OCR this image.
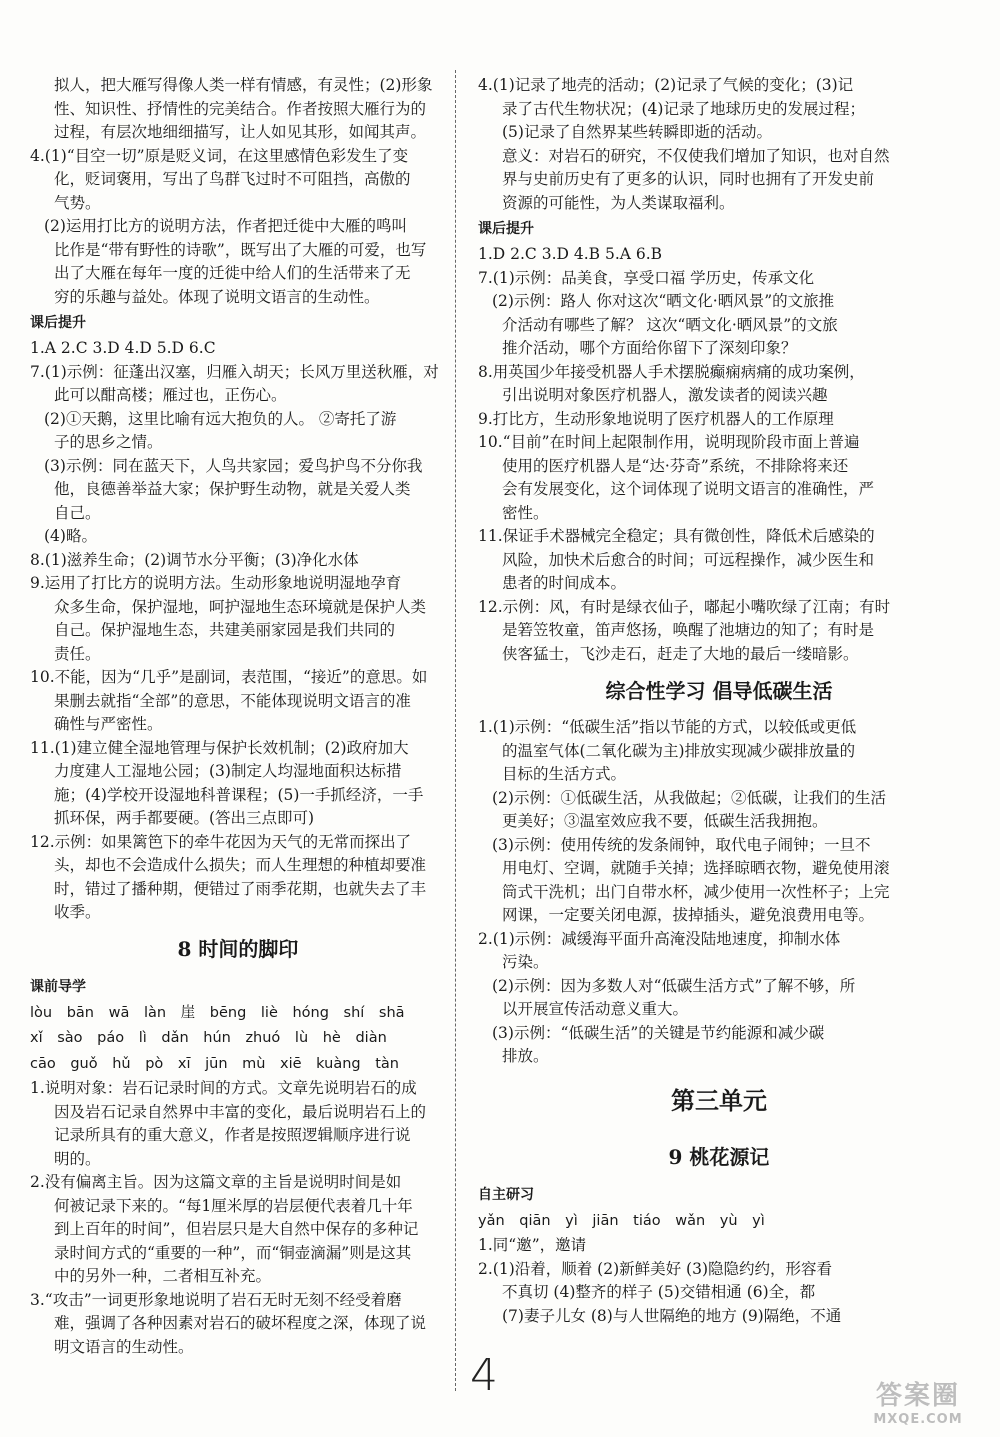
拟人，把大雁写得像人类一样有情感，有灵性；(2)形象
性、知识性、抒情性的完美结合。作者按照大雁行为的
过程，有层次地细细描写，让人如见其形，如闻其声。
4.(1)“目空一切”原是贬义词，在这里感情色彩发生了变
化，贬词褒用，写出了鸟群飞过时不可阻挡，高傲的
气势。
(2)运用打比方的说明方法，作者把迁徙中大雁的鸣叫
比作是“带有野性的诗歌”，既写出了大雁的可爱，也写
出了大雁在每年一度的迁徙中给人们的生活带来了无
穷的乐趣与益处。体现了说明文语言的生动性。
课后提升
1.A 2.C 3.D 4.D 5.D 6.C
7.(1)示例：征蓬出汉塞，归雁入胡天；长风万里送秋雁，对
此可以酣高楼；雁过也，正伤心。
(2)①天鹅，这里比喻有远大抱负的人。 ②寄托了游
子的思乡之情。
(3)示例：同在蓝天下，人鸟共家园；爱鸟护鸟不分你我
他，良德善举益大家；保护野生动物，就是关爱人类
自己。
(4)略。
8.(1)滋养生命；(2)调节水分平衡；(3)净化水体
9.运用了打比方的说明方法。生动形象地说明湿地孕育
众多生命，保护湿地，呵护湿地生态环境就是保护人类
自己。保护湿地生态，共建美丽家园是我们共同的
责任。
10.不能，因为“几乎”是副词，表范围，“接近”的意思。如
果删去就指“全部”的意思，不能体现说明文语言的准
确性与严密性。
11.(1)建立健全湿地管理与保护长效机制；(2)政府加大
力度建人工湿地公园；(3)制定人均湿地面积达标措
施；(4)学校开设湿地科普课程；(5)一手抓经济，一手
抓环保，两手都要硬。(答出三点即可)
12.示例：如果篱笆下的牵牛花因为天气的无常而探出了
头，却也不会造成什么损失；而人生理想的种植却要准
时，错过了播种期，便错过了雨季花期，也就失去了丰
收季。
8 时间的脚印
课前导学
lòu bān wā làn 崖 bēng liè hóng shí shā
xǐ sào páo lì dǎn hún zhuó lù hè diàn
cāo guǒ hǔ pò xī jūn mù xiē kuàng tàn
1.说明对象：岩石记录时间的方式。文章先说明岩石的成
因及岩石记录自然界中丰富的变化，最后说明岩石上的
记录所具有的重大意义，作者是按照逻辑顺序进行说
明的。
2.没有偏离主旨。因为这篇文章的主旨是说明时间是如
何被记录下来的。“每1厘米厚的岩层便代表着几十年
到上百年的时间”，但岩层只是大自然中保存的多种记
录时间方式的“重要的一种”，而“铜壶滴漏”则是这其
中的另外一种，二者相互补充。
3.“攻击”一词更形象地说明了岩石无时无刻不经受着磨
难，强调了各种因素对岩石的破坏程度之深，体现了说
明文语言的生动性。
4.(1)记录了地壳的活动；(2)记录了气候的变化；(3)记
录了古代生物状况；(4)记录了地球历史的发展过程；
(5)记录了自然界某些转瞬即逝的活动。
意义：对岩石的研究，不仅使我们增加了知识，也对自然
界与史前历史有了更多的认识，同时也拥有了开发史前
资源的可能性，为人类谋取福利。
课后提升
1.D 2.C 3.D 4.B 5.A 6.B
7.(1)示例：品美食，享受口福 学历史，传承文化
(2)示例：路人 你对这次“晒文化·晒风景”的文旅推
介活动有哪些了解？ 这次“晒文化·晒风景”的文旅
推介活动，哪个方面给你留下了深刻印象？
8.用英国少年接受机器人手术摆脱癫痫病痛的成功案例，
引出说明对象医疗机器人，激发读者的阅读兴趣
9.打比方，生动形象地说明了医疗机器人的工作原理
10.“目前”在时间上起限制作用，说明现阶段市面上普遍
使用的医疗机器人是“达·芬奇”系统，不排除将来还
会有发展变化，这个词体现了说明文语言的准确性，严
密性。
11.保证手术器械完全稳定；具有微创性，降低术后感染的
风险，加快术后愈合的时间；可远程操作，减少医生和
患者的时间成本。
12.示例：风，有时是绿衣仙子，嘟起小嘴吹绿了江南；有时
是箬笠牧童，笛声悠扬，唤醒了池塘边的知了；有时是
侠客猛士，飞沙走石，赶走了大地的最后一缕暗影。
综合性学习 倡导低碳生活
1.(1)示例：“低碳生活”指以节能的方式，以较低或更低
的温室气体(二氧化碳为主)排放实现减少碳排放量的
目标的生活方式。
(2)示例：①低碳生活，从我做起；②低碳，让我们的生活
更美好；③温室效应我不要，低碳生活我拥抱。
(3)示例：使用传统的发条闹钟，取代电子闹钟；一旦不
用电灯、空调，就随手关掉；选择晾晒衣物，避免使用滚
筒式干洗机；出门自带水杯，减少使用一次性杯子；上完
网课，一定要关闭电源，拔掉插头，避免浪费用电等。
2.(1)示例：减缓海平面升高淹没陆地速度，抑制水体
污染。
(2)示例：因为多数人对“低碳生活方式”了解不够，所
以开展宣传活动意义重大。
(3)示例：“低碳生活”的关键是节约能源和减少碳
排放。
第三单元
9 桃花源记
自主研习
yǎn qiān yì jiān tiáo wǎn yù yì
1.同“邀”，邀请
2.(1)沿着，顺着 (2)新鲜美好 (3)隐隐约约，形容看
不真切 (4)整齐的样子 (5)交错相通 (6)全，都
(7)妻子儿女 (8)与人世隔绝的地方 (9)隔绝，不通
4	答案圈
MXQE.COM
